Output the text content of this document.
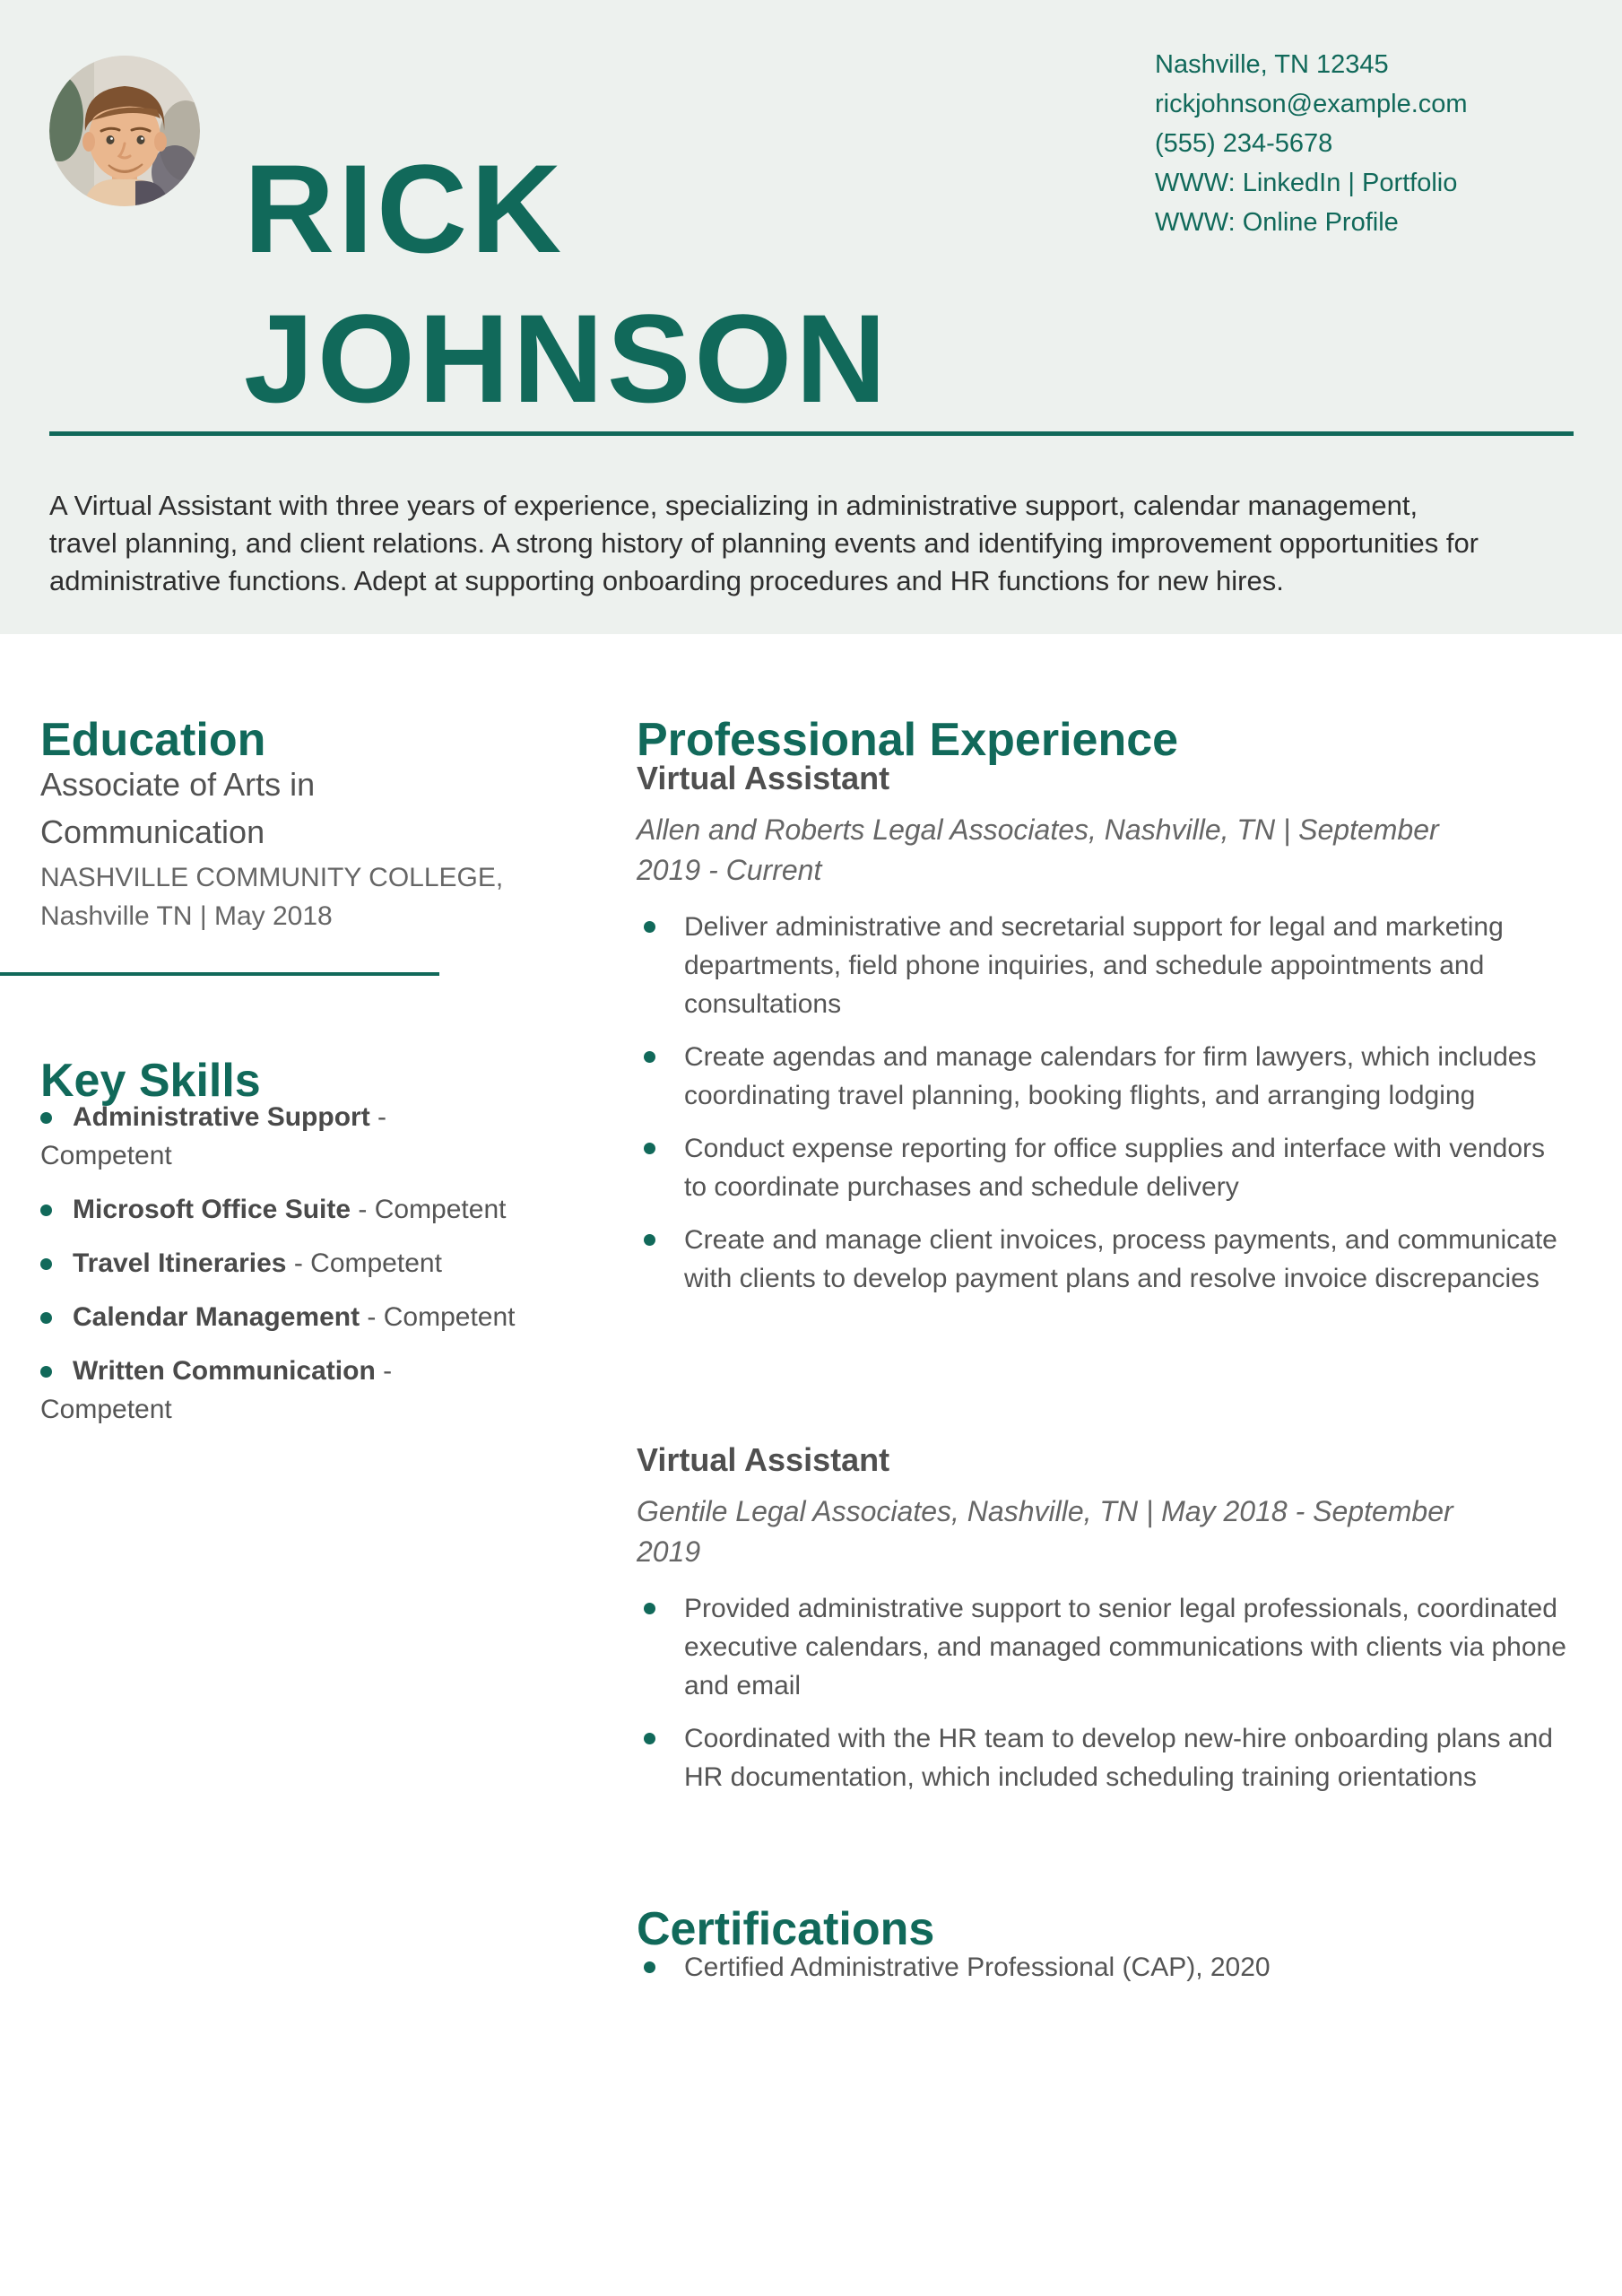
RICK
JOHNSON
Nashville, TN 12345
rickjohnson@example.com
(555) 234-5678
WWW: LinkedIn | Portfolio
WWW: Online Profile

A Virtual Assistant with three years of experience, specializing in administrative support, calendar management, travel planning, and client relations. A strong history of planning events and identifying improvement opportunities for administrative functions. Adept at supporting onboarding procedures and HR functions for new hires.

Education
Associate of Arts in Communication
NASHVILLE COMMUNITY COLLEGE, Nashville TN | May 2018
Key Skills
Administrative Support - Competent
Microsoft Office Suite - Competent
Travel Itineraries - Competent
Calendar Management - Competent
Written Communication - Competent
Professional Experience
Virtual Assistant
Allen and Roberts Legal Associates, Nashville, TN | September 2019 - Current
Deliver administrative and secretarial support for legal and marketing departments, field phone inquiries, and schedule appointments and consultations
Create agendas and manage calendars for firm lawyers, which includes coordinating travel planning, booking flights, and arranging lodging
Conduct expense reporting for office supplies and interface with vendors to coordinate purchases and schedule delivery
Create and manage client invoices, process payments, and communicate with clients to develop payment plans and resolve invoice discrepancies
Virtual Assistant
Gentile Legal Associates, Nashville, TN | May 2018 - September 2019
Provided administrative support to senior legal professionals, coordinated executive calendars, and managed communications with clients via phone and email
Coordinated with the HR team to develop new-hire onboarding plans and HR documentation, which included scheduling training orientations
Certifications
Certified Administrative Professional (CAP), 2020
